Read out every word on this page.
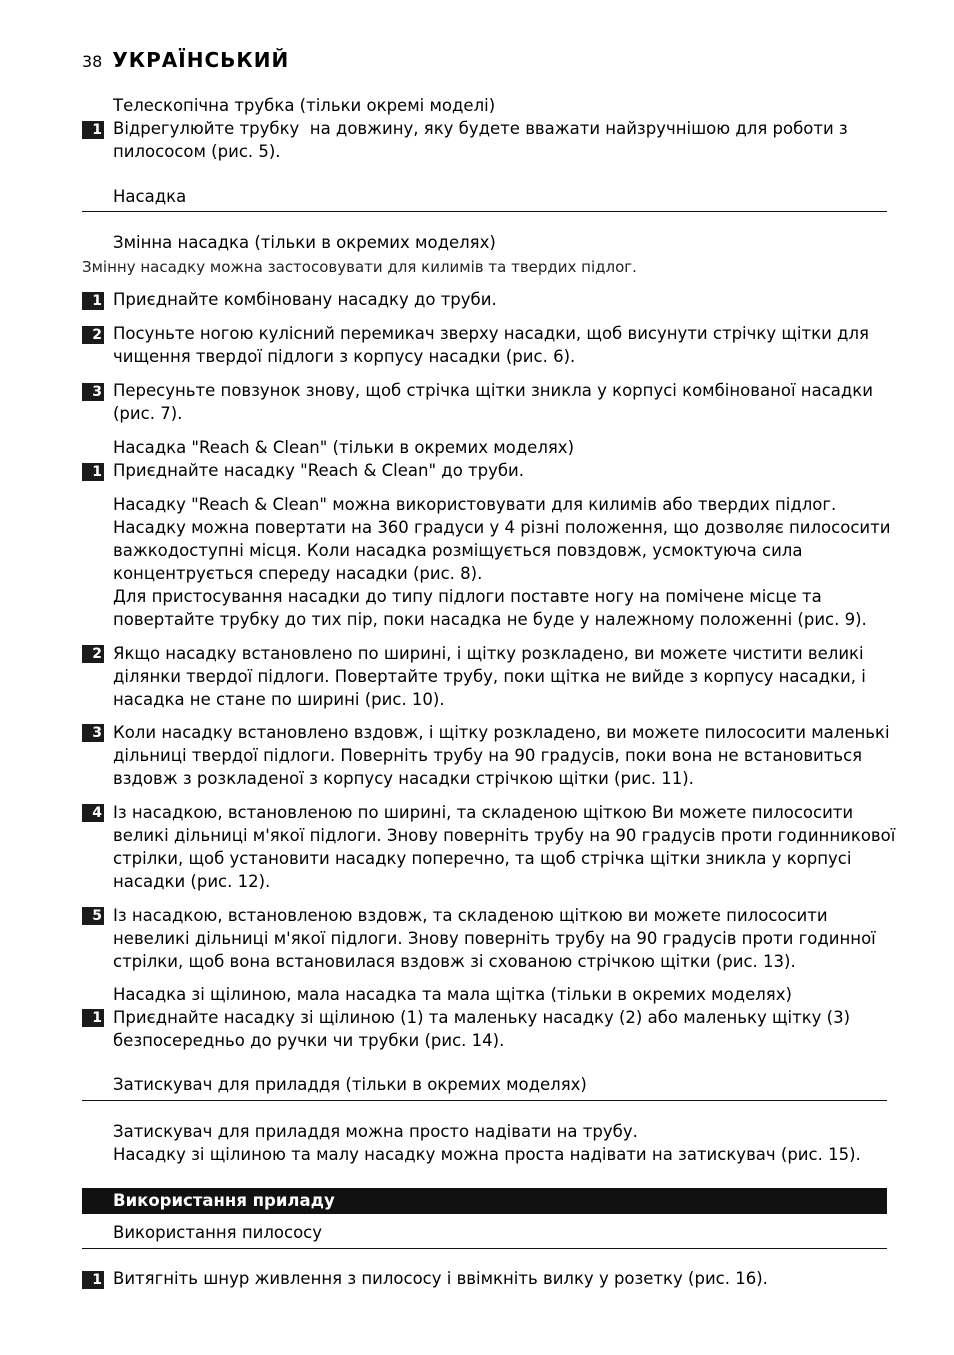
38 УКРАЇНСЬКИЙ
Телескопічна трубка (тільки окремі моделі)
1 Відрегулюйте трубку  на довжину, яку будете вважати найзручнішою для роботи з
пилососом (рис. 5).
Насадка
Змінна насадка (тільки в окремих моделях)
Змінну насадку можна застосовувати для килимів та твердих підлог.
1 Приєднайте комбіновану насадку до труби.
2 Посуньте ногою кулісний перемикач зверху насадки, щоб висунути стрічку щітки для
чищення твердої підлоги з корпусу насадки (рис. 6).
3 Пересуньте повзунок знову, щоб стрічка щітки зникла у корпусі комбінованої насадки
(рис. 7).
Насадка "Reach & Clean" (тільки в окремих моделях)
1 Приєднайте насадку "Reach & Clean" до труби.
Насадку "Reach & Clean" можна використовувати для килимів або твердих підлог.
Насадку можна повертати на 360 градуси у 4 різні положення, що дозволяє пилососити
важкодоступні місця. Коли насадка розміщується повздовж, усмоктуюча сила
концентрується спереду насадки (рис. 8).
Для пристосування насадки до типу підлоги поставте ногу на помічене місце та
повертайте трубку до тих пір, поки насадка не буде у належному положенні (рис. 9).
2 Якщо насадку встановлено по ширині, і щітку розкладено, ви можете чистити великі
ділянки твердої підлоги. Повертайте трубу, поки щітка не вийде з корпусу насадки, і
насадка не стане по ширині (рис. 10).
3 Коли насадку встановлено вздовж, і щітку розкладено, ви можете пилососити маленькі
дільниці твердої підлоги. Поверніть трубу на 90 градусів, поки вона не встановиться
вздовж з розкладеної з корпусу насадки стрічкою щітки (рис. 11).
4 Із насадкою, встановленою по ширині, та складеною щіткою Ви можете пилососити
великі дільниці м'якої підлоги. Знову поверніть трубу на 90 градусів проти годинникової
стрілки, щоб установити насадку поперечно, та щоб стрічка щітки зникла у корпусі
насадки (рис. 12).
5 Із насадкою, встановленою вздовж, та складеною щіткою ви можете пилососити
невеликі дільниці м'якої підлоги. Знову поверніть трубу на 90 градусів проти годинної
стрілки, щоб вона встановилася вздовж зі схованою стрічкою щітки (рис. 13).
Насадка зі щілиною, мала насадка та мала щітка (тільки в окремих моделях)
1 Приєднайте насадку зі щілиною (1) та маленьку насадку (2) або маленьку щітку (3)
безпосередньо до ручки чи трубки (рис. 14).
Затискувач для приладдя (тільки в окремих моделях)
Затискувач для приладдя можна просто надівати на трубу.
Насадку зі щілиною та малу насадку можна проста надівати на затискувач (рис. 15).
Використання приладу
Використання пилососу
1 Витягніть шнур живлення з пилососу і ввімкніть вилку у розетку (рис. 16).
